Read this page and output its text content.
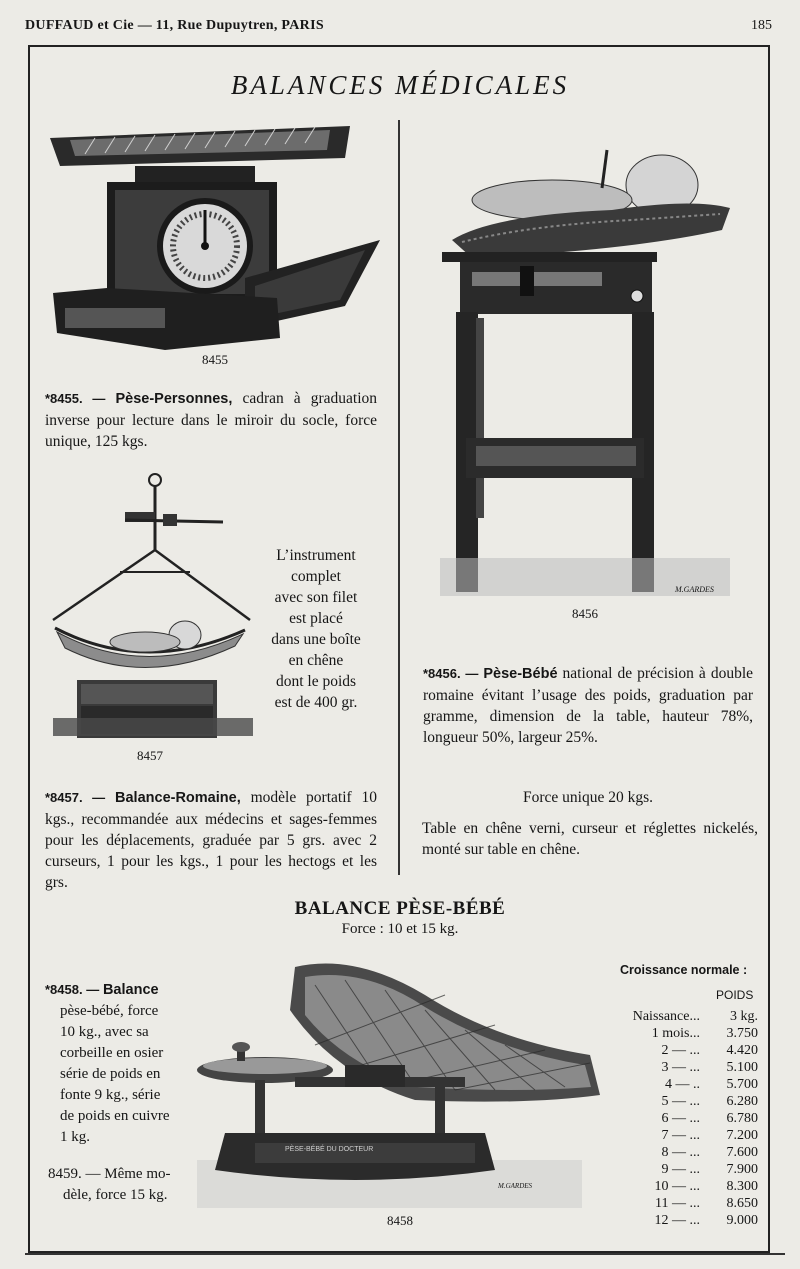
DUFFAUD et Cie — 11, Rue Dupuytren, PARIS	185
BALANCES MÉDICALES
8455
*8455. — Pèse-Personnes, cadran à graduation inverse pour lecture dans le miroir du socle, force unique, 125 kgs.
8457
L’instrument
complet
avec son filet
est placé
dans une boîte
en chêne
dont le poids
est de 400 gr.
*8457. — Balance-Romaine, modèle portatif 10 kgs., recommandée aux médecins et sages-femmes pour les déplacements, graduée par 5 grs. avec 2 curseurs, 1 pour les kgs., 1 pour les hectogs et les grs.
M.GARDES
8456
*8456. — Pèse-Bébé national de précision à double romaine évitant l’usage des poids, graduation par gramme, dimension de la table, hauteur 78%, longueur 50%, largeur 25%.
Force unique 20 kgs.
Table en chêne verni, curseur et réglettes nickelés, monté sur table en chêne.
BALANCE PÈSE-BÉBÉ
Force : 10 et 15 kg.
*8458. — Balance
pèse-bébé, force
10 kg., avec sa
corbeille en osier
série de poids en
fonte 9 kg., série
de poids en cuivre
1 kg.
8459. — Même mo-
dèle, force 15 kg.
PÈSE-BÉBÉ DU DOCTEUR
M.GARDES
8458
Croissance normale :
POIDS
Naissance... 3 kg.
1 mois... 3.750
2 — ... 4.420
3 — ... 5.100
4 — .. 5.700
5 — ... 6.280
6 — ... 6.780
7 — ... 7.200
8 — ... 7.600
9 — ... 7.900
10 — ... 8.300
11 — ... 8.650
12 — ... 9.000
